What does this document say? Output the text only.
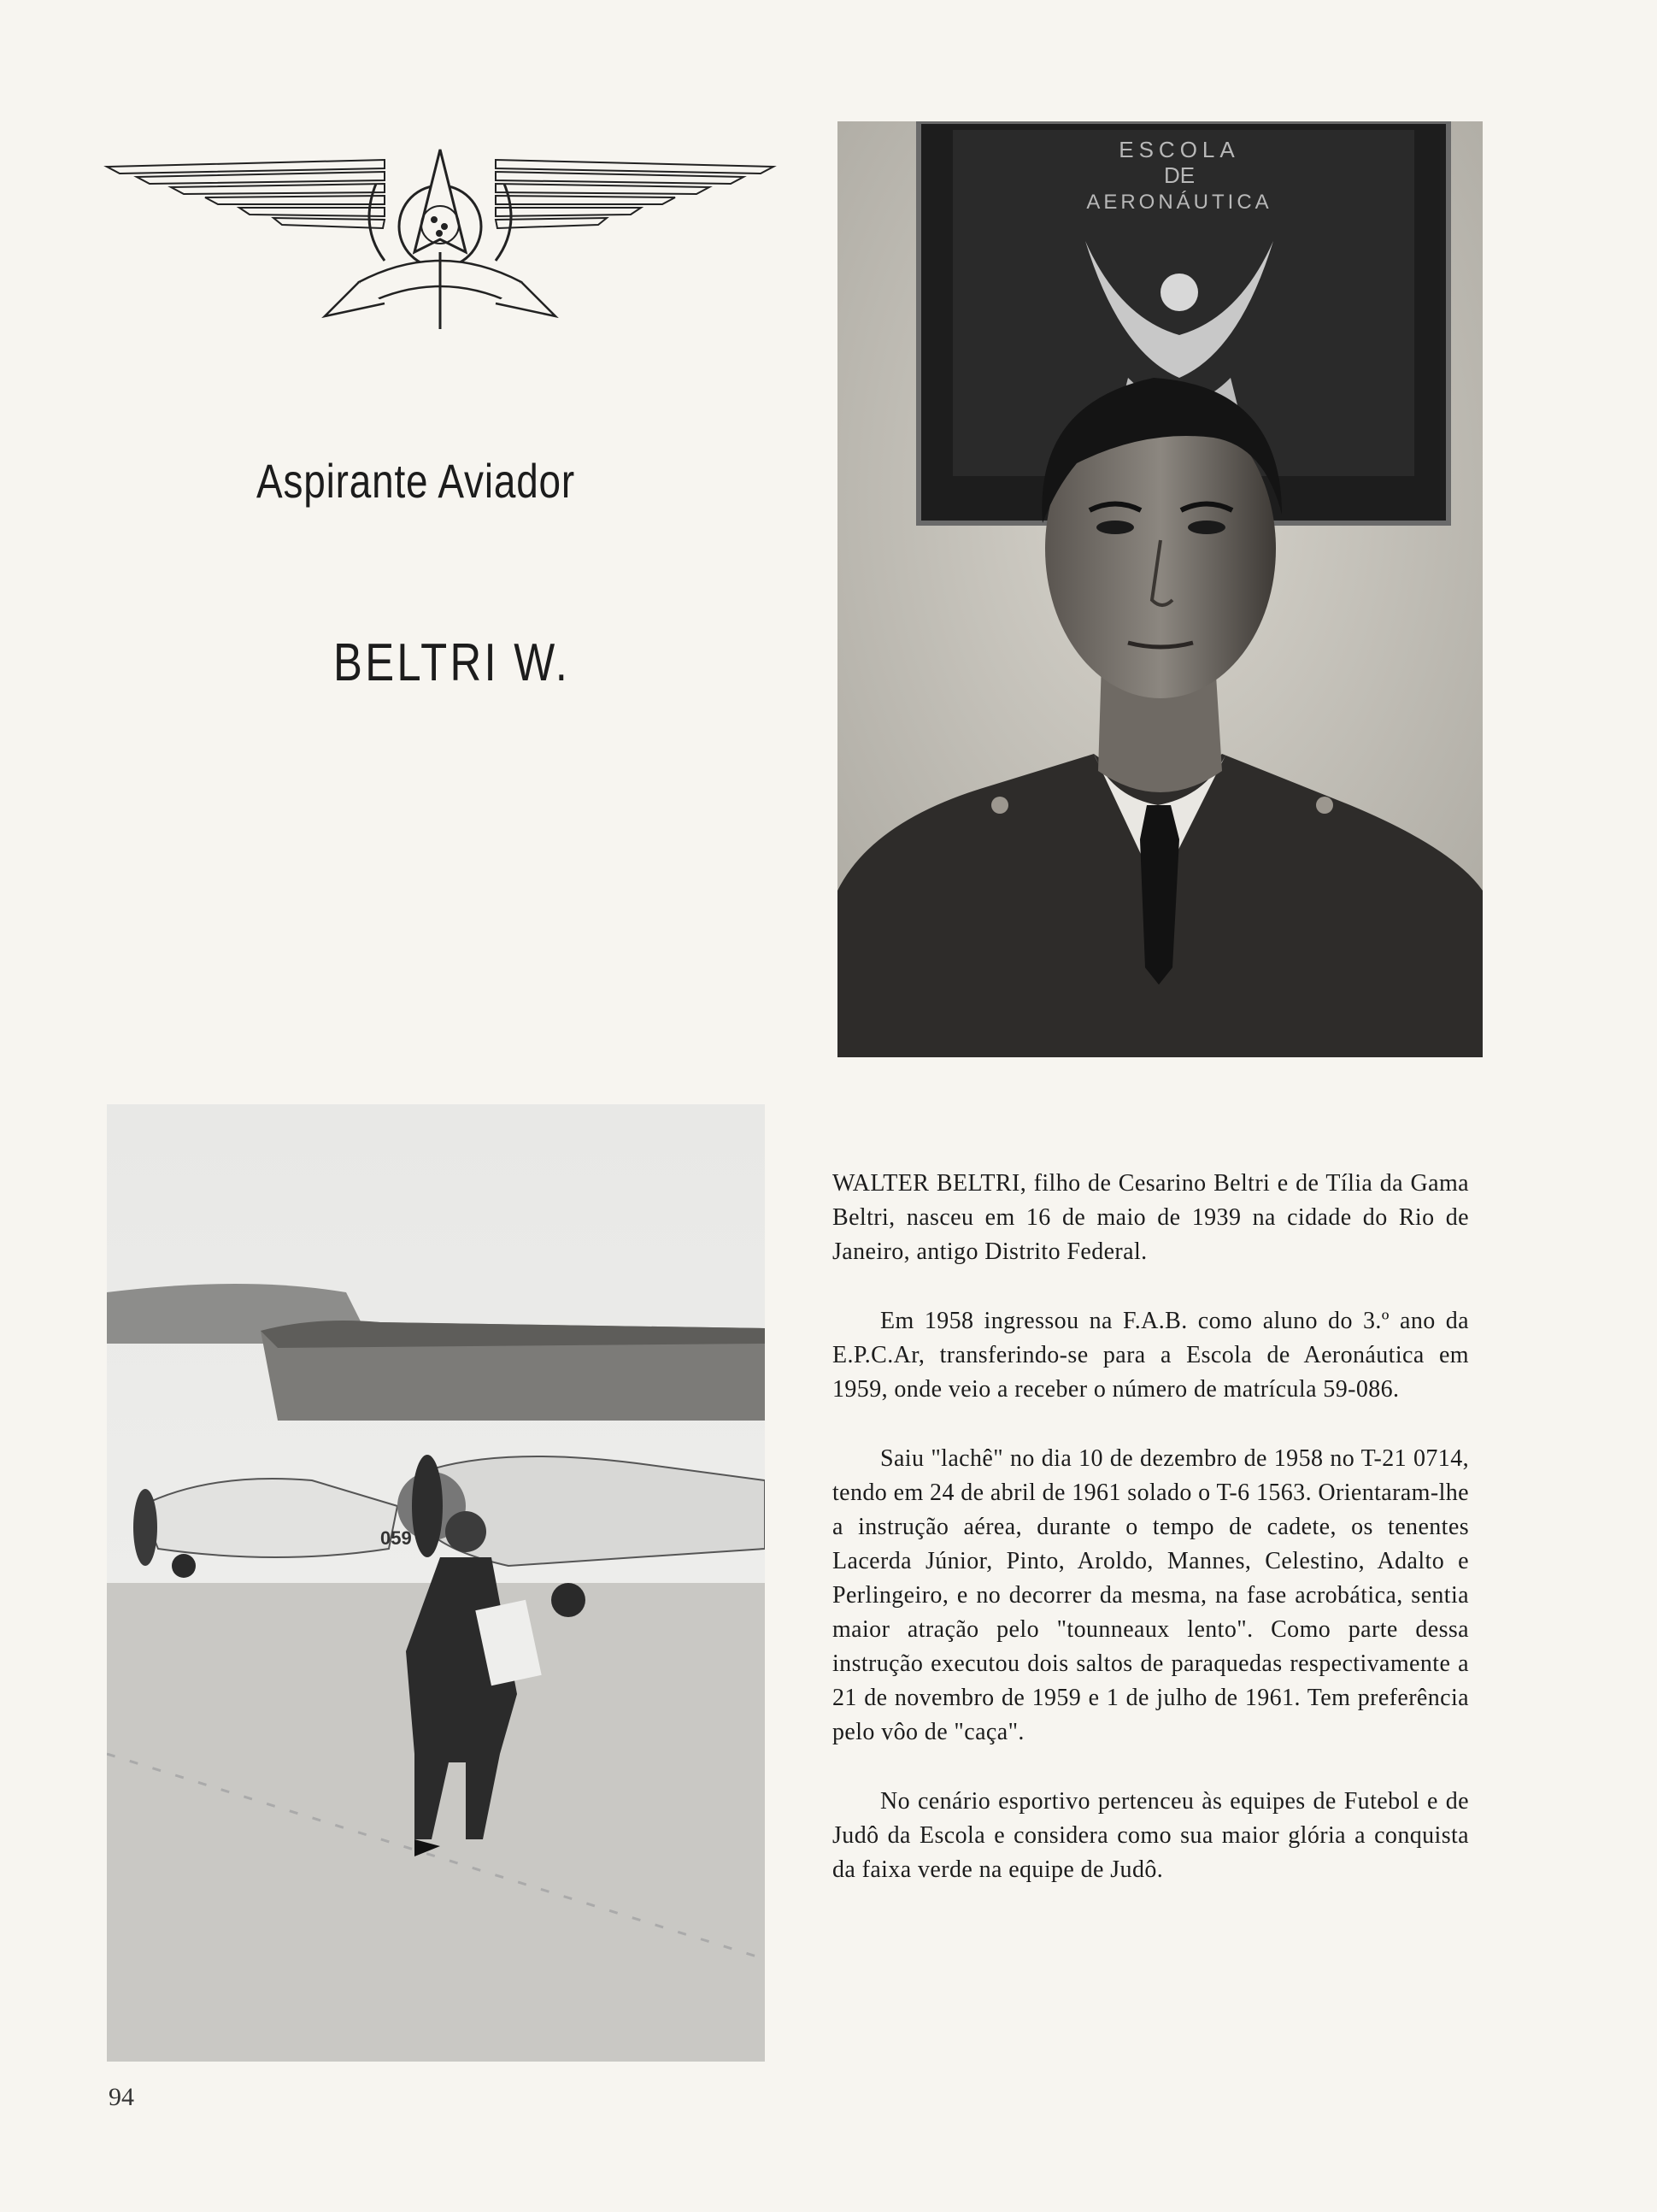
Aspirante Aviador
BELTRI W.
ESCOLA
DE
AERONÁUTICA
059

WALTER BELTRI, filho de Cesarino Beltri e de Tília da Gama Beltri, nasceu em 16 de maio de 1939 na cidade do Rio de Janeiro, antigo Distrito Federal.

Em 1958 ingressou na F.A.B. como aluno do 3.º ano da E.P.C.Ar, transferindo-se para a Escola de Aeronáutica em 1959, onde veio a receber o número de matrícula 59-086.

Saiu "lachê" no dia 10 de dezembro de 1958 no T-21 0714, tendo em 24 de abril de 1961 solado o T-6 1563. Orientaram-lhe a instrução aérea, durante o tempo de cadete, os tenentes Lacerda Júnior, Pinto, Aroldo, Mannes, Celestino, Adalto e Perlingeiro, e no decorrer da mesma, na fase acrobática, sentia maior atração pelo "tounneaux lento". Como parte dessa instrução executou dois saltos de paraquedas respectivamente a 21 de novembro de 1959 e 1 de julho de 1961. Tem preferência pelo vôo de "caça".

No cenário esportivo pertenceu às equipes de Futebol e de Judô da Escola e considera como sua maior glória a conquista da faixa verde na equipe de Judô.

94
